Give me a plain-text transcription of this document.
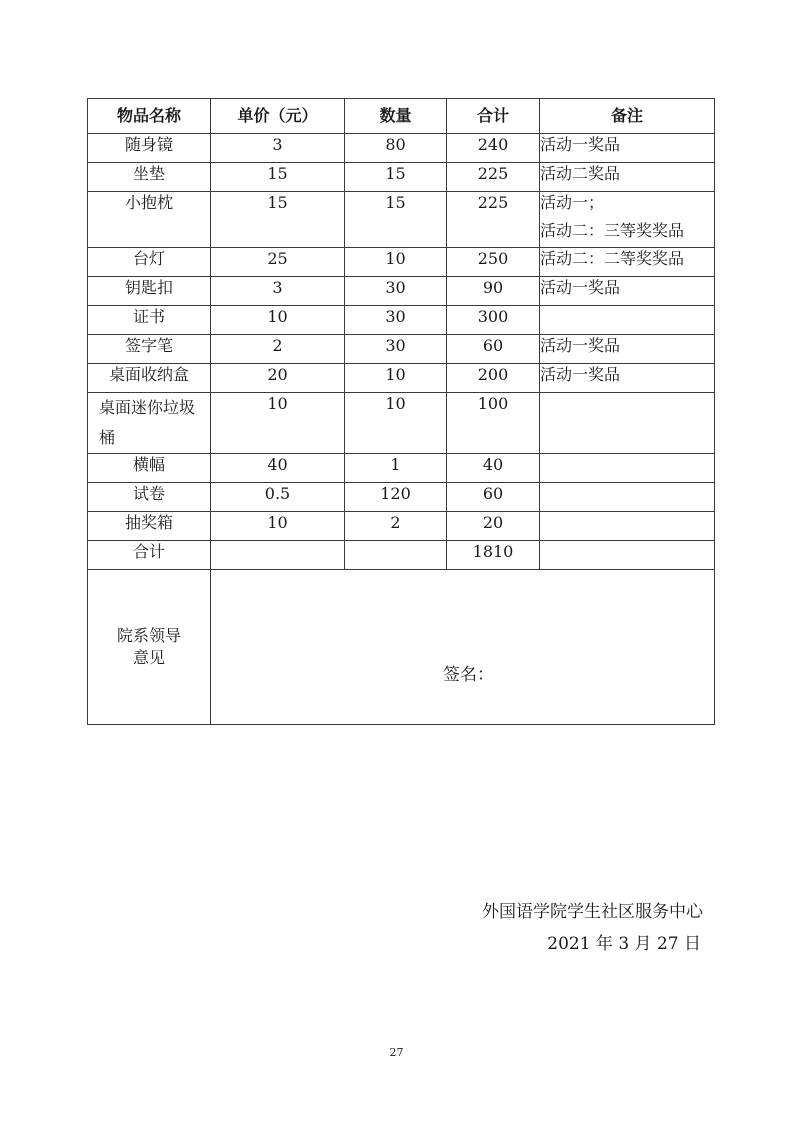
物品名称	单价（元）	数量	合计	备注
随身镜	3	80	240	活动一奖品

坐垫	15	15	225	活动二奖品

小抱枕	15	15	225	活动一；
活动二：三等奖奖品

台灯	25	10	250	活动二：二等奖奖品

钥匙扣	3	30	90	活动一奖品

证书	10	30	300	

签字笔	2	30	60	活动一奖品

桌面收纳盒	20	10	200	活动一奖品

桌面迷你垃圾桶	10	10	100	

横幅	40	1	40	

试卷	0.5	120	60	

抽奖箱	10	2	20	

合计			1810	
院系领导意见	签名：			
外国语学院学生社区服务中心
2021 年 3 月 27 日
27
